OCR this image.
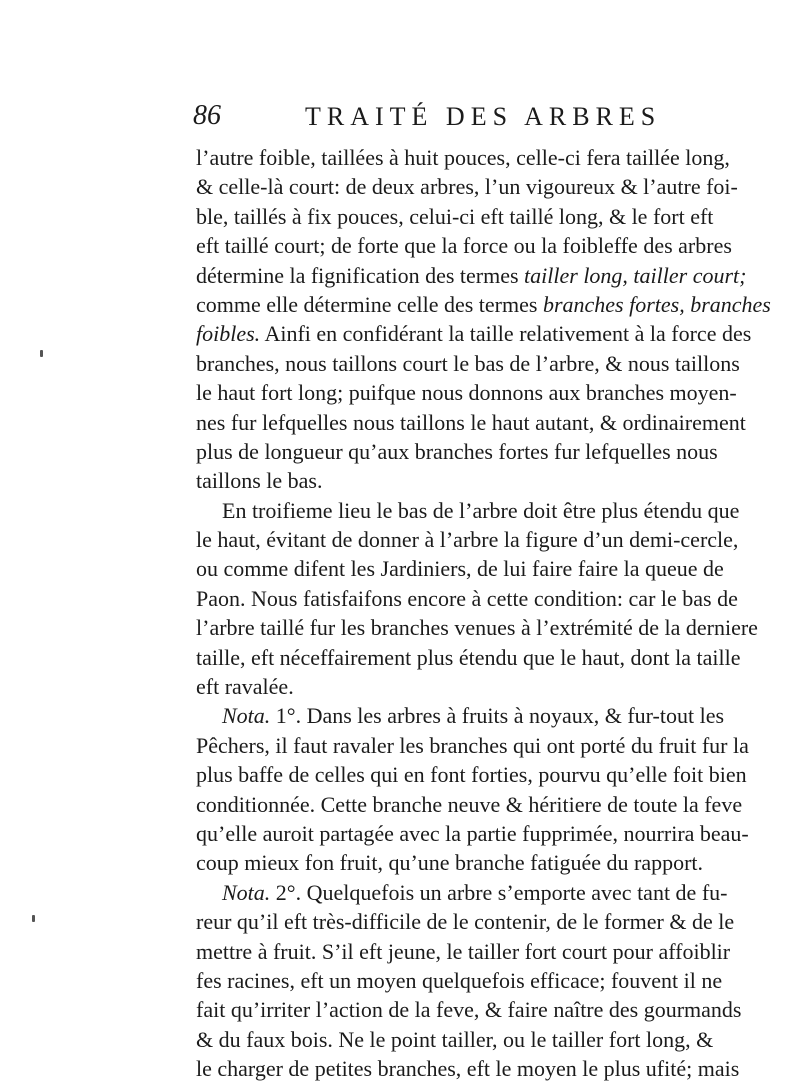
86	TRAITÉ DES ARBRES
l’autre foible, taillées à huit pouces, celle-ci fera taillée long,
& celle-là court: de deux arbres, l’un vigoureux & l’autre foi-
ble, taillés à fix pouces, celui-ci eft taillé long, & le fort eft
eft taillé court; de forte que la force ou la foibleffe des arbres
détermine la fignification des termes tailler long, tailler court;
comme elle détermine celle des termes branches fortes, branches
foibles. Ainfi en confidérant la taille relativement à la force des
branches, nous taillons court le bas de l’arbre, & nous taillons
le haut fort long; puifque nous donnons aux branches moyen-
nes fur lefquelles nous taillons le haut autant, & ordinairement
plus de longueur qu’aux branches fortes fur lefquelles nous
taillons le bas.
En troifieme lieu le bas de l’arbre doit être plus étendu que
le haut, évitant de donner à l’arbre la figure d’un demi-cercle,
ou comme difent les Jardiniers, de lui faire faire la queue de
Paon. Nous fatisfaifons encore à cette condition: car le bas de
l’arbre taillé fur les branches venues à l’extrémité de la derniere
taille, eft néceffairement plus étendu que le haut, dont la taille
eft ravalée.
Nota. 1°. Dans les arbres à fruits à noyaux, & fur-tout les
Pêchers, il faut ravaler les branches qui ont porté du fruit fur la
plus baffe de celles qui en font forties, pourvu qu’elle foit bien
conditionnée. Cette branche neuve & héritiere de toute la feve
qu’elle auroit partagée avec la partie fupprimée, nourrira beau-
coup mieux fon fruit, qu’une branche fatiguée du rapport.
Nota. 2°. Quelquefois un arbre s’emporte avec tant de fu-
reur qu’il eft très-difficile de le contenir, de le former & de le
mettre à fruit. S’il eft jeune, le tailler fort court pour affoiblir
fes racines, eft un moyen quelquefois efficace; fouvent il ne
fait qu’irriter l’action de la feve, & faire naître des gourmands
& du faux bois. Ne le point tailler, ou le tailler fort long, &
le charger de petites branches, eft le moyen le plus ufité; mais
